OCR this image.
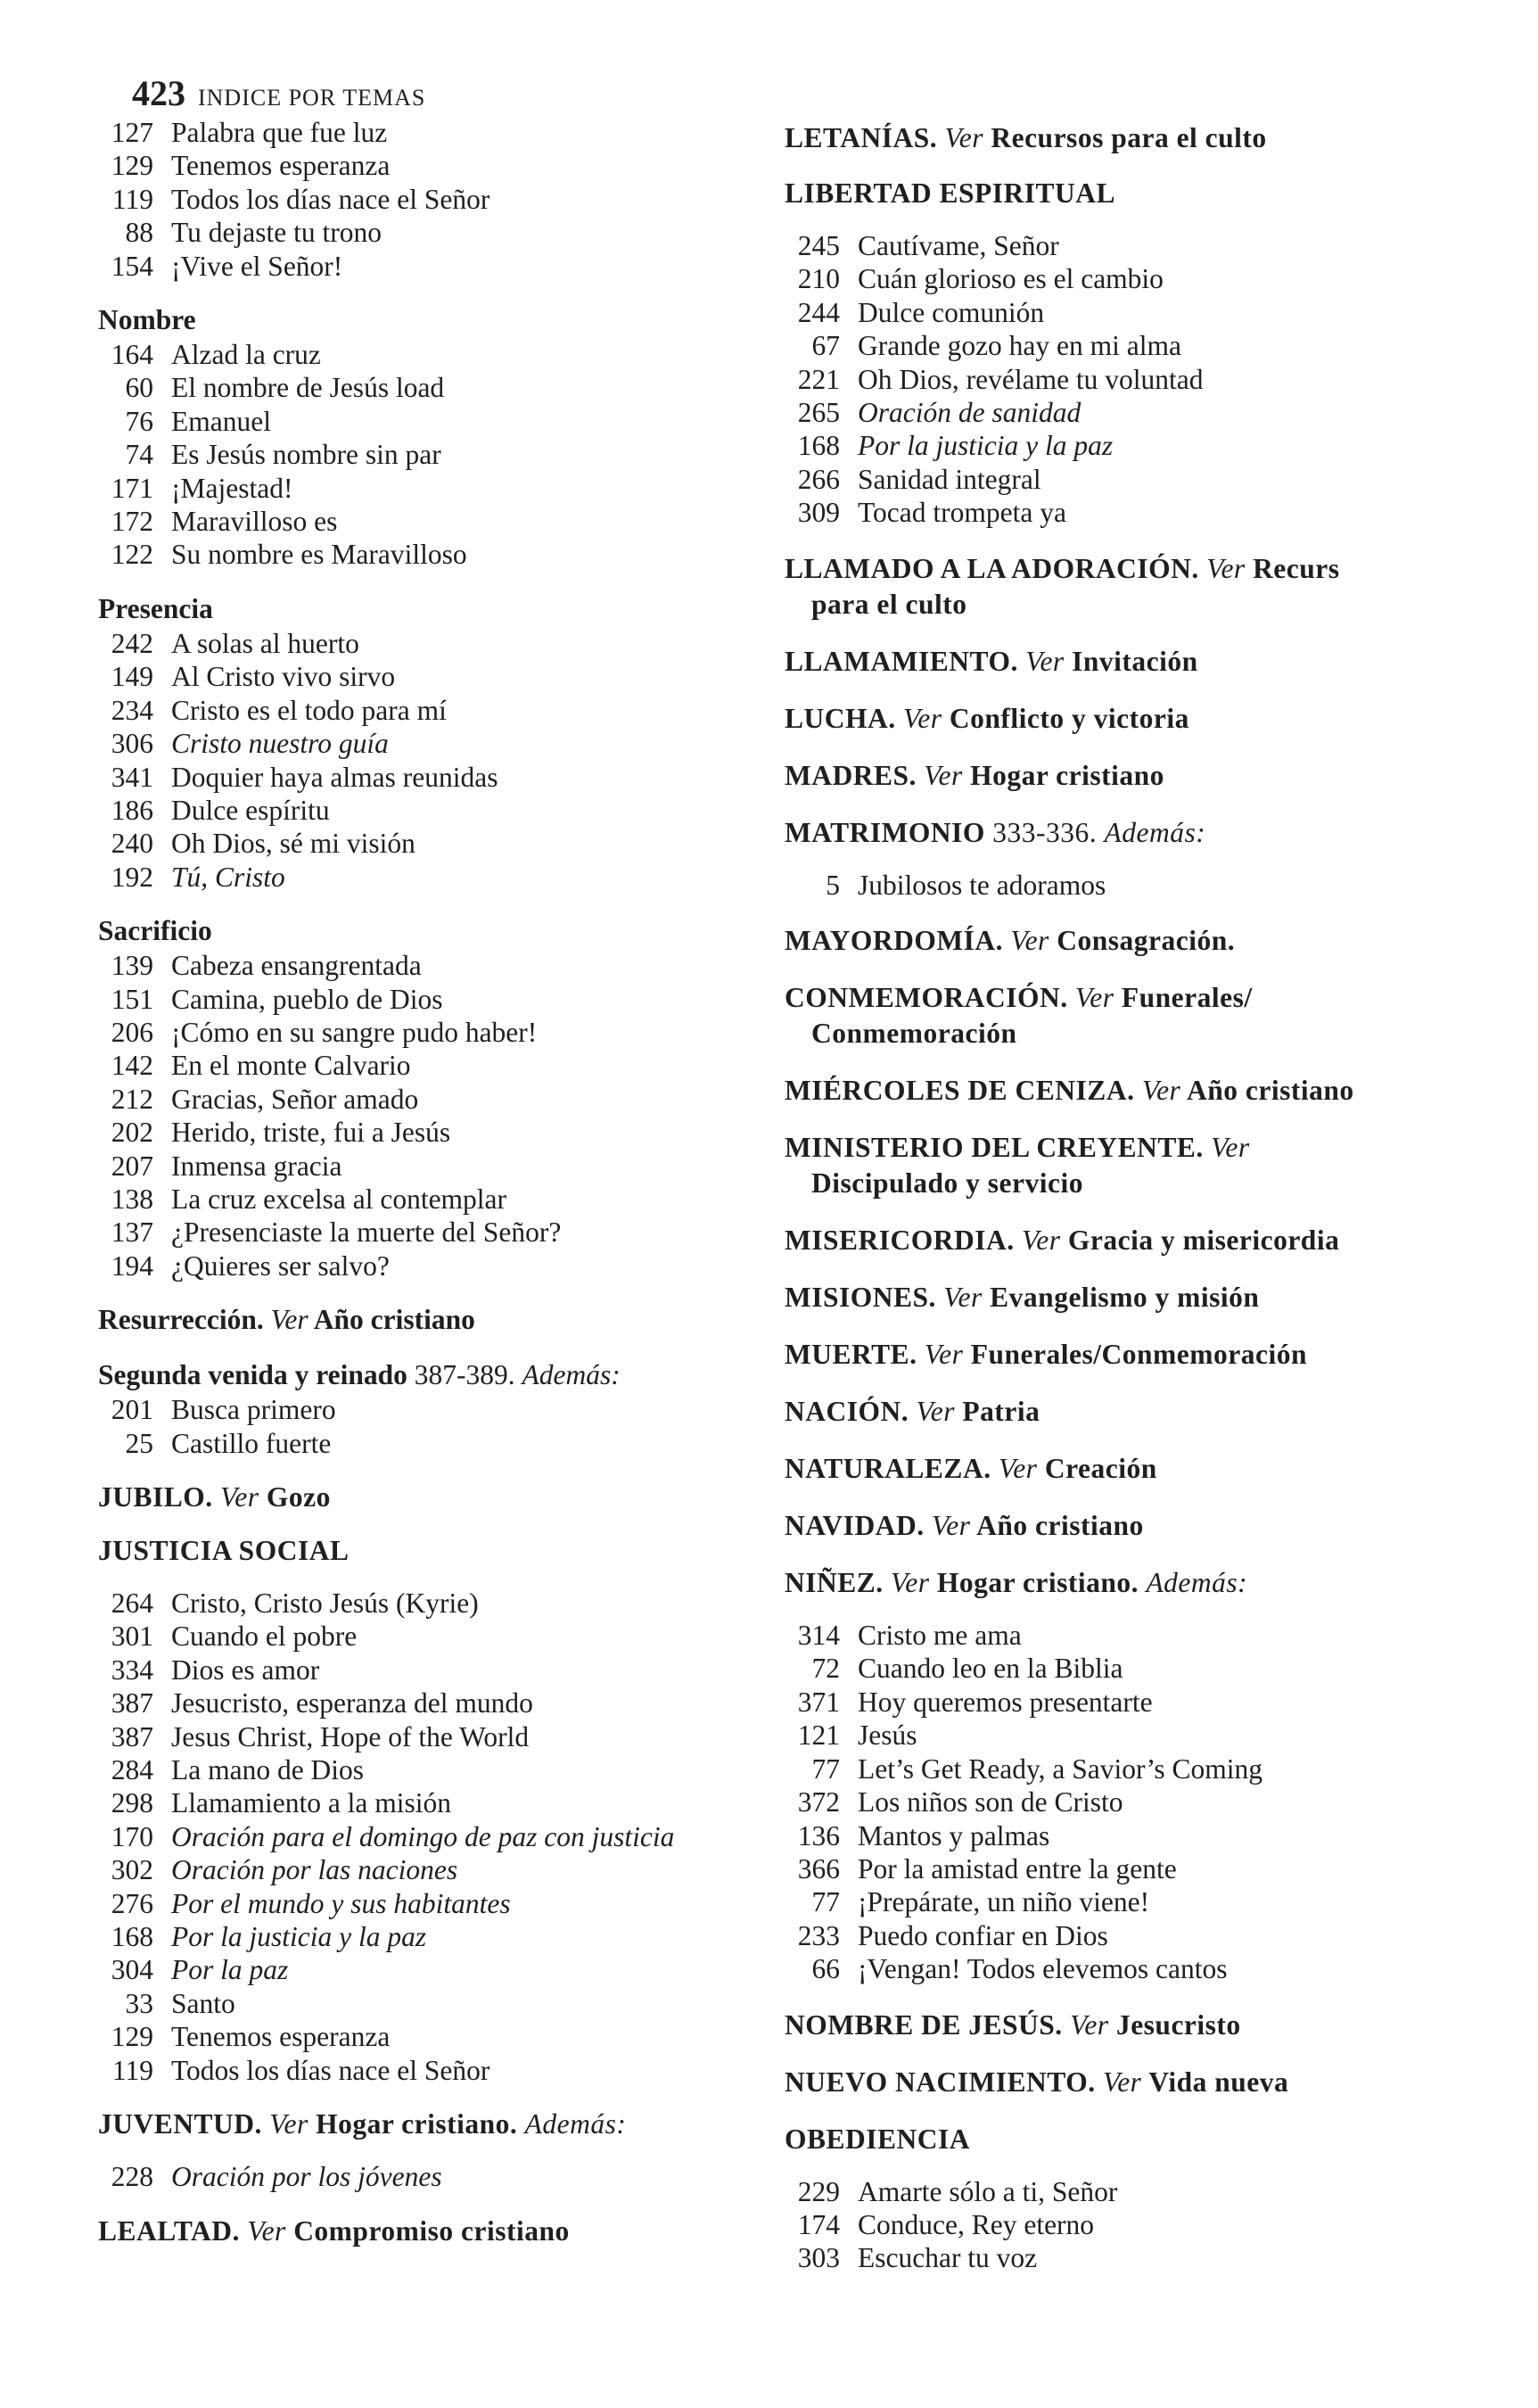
423 INDICE POR TEMAS
127 Palabra que fue luz
129 Tenemos esperanza
119 Todos los días nace el Señor
88 Tu dejaste tu trono
154 ¡Vive el Señor!
Nombre
164 Alzad la cruz
60 El nombre de Jesús load
76 Emanuel
74 Es Jesús nombre sin par
171 ¡Majestad!
172 Maravilloso es
122 Su nombre es Maravilloso
Presencia
242 A solas al huerto
149 Al Cristo vivo sirvo
234 Cristo es el todo para mí
306 Cristo nuestro guía
341 Doquier haya almas reunidas
186 Dulce espíritu
240 Oh Dios, sé mi visión
192 Tú, Cristo
Sacrificio
139 Cabeza ensangrentada
151 Camina, pueblo de Dios
206 ¡Cómo en su sangre pudo haber!
142 En el monte Calvario
212 Gracias, Señor amado
202 Herido, triste, fui a Jesús
207 Inmensa gracia
138 La cruz excelsa al contemplar
137 ¿Presenciaste la muerte del Señor?
194 ¿Quieres ser salvo?
Resurrección. Ver Año cristiano
Segunda venida y reinado 387-389. Además:
201 Busca primero
25 Castillo fuerte
JUBILO. Ver Gozo
JUSTICIA SOCIAL
264 Cristo, Cristo Jesús (Kyrie)
301 Cuando el pobre
334 Dios es amor
387 Jesucristo, esperanza del mundo
387 Jesus Christ, Hope of the World
284 La mano de Dios
298 Llamamiento a la misión
170 Oración para el domingo de paz con justicia
302 Oración por las naciones
276 Por el mundo y sus habitantes
168 Por la justicia y la paz
304 Por la paz
33 Santo
129 Tenemos esperanza
119 Todos los días nace el Señor
JUVENTUD. Ver Hogar cristiano. Además:
228 Oración por los jóvenes
LEALTAD. Ver Compromiso cristiano
LETANÍAS. Ver Recursos para el culto
LIBERTAD ESPIRITUAL
245 Cautívame, Señor
210 Cuán glorioso es el cambio
244 Dulce comunión
67 Grande gozo hay en mi alma
221 Oh Dios, revélame tu voluntad
265 Oración de sanidad
168 Por la justicia y la paz
266 Sanidad integral
309 Tocad trompeta ya
LLAMADO A LA ADORACIÓN. Ver Recurs
para el culto
LLAMAMIENTO. Ver Invitación
LUCHA. Ver Conflicto y victoria
MADRES. Ver Hogar cristiano
MATRIMONIO 333-336. Además:
5 Jubilosos te adoramos
MAYORDOMÍA. Ver Consagración.
CONMEMORACIÓN. Ver Funerales/
Conmemoración
MIÉRCOLES DE CENIZA. Ver Año cristiano
MINISTERIO DEL CREYENTE. Ver
Discipulado y servicio
MISERICORDIA. Ver Gracia y misericordia
MISIONES. Ver Evangelismo y misión
MUERTE. Ver Funerales/Conmemoración
NACIÓN. Ver Patria
NATURALEZA. Ver Creación
NAVIDAD. Ver Año cristiano
NIÑEZ. Ver Hogar cristiano. Además:
314 Cristo me ama
72 Cuando leo en la Biblia
371 Hoy queremos presentarte
121 Jesús
77 Let’s Get Ready, a Savior’s Coming
372 Los niños son de Cristo
136 Mantos y palmas
366 Por la amistad entre la gente
77 ¡Prepárate, un niño viene!
233 Puedo confiar en Dios
66 ¡Vengan! Todos elevemos cantos
NOMBRE DE JESÚS. Ver Jesucristo
NUEVO NACIMIENTO. Ver Vida nueva
OBEDIENCIA
229 Amarte sólo a ti, Señor
174 Conduce, Rey eterno
303 Escuchar tu voz
